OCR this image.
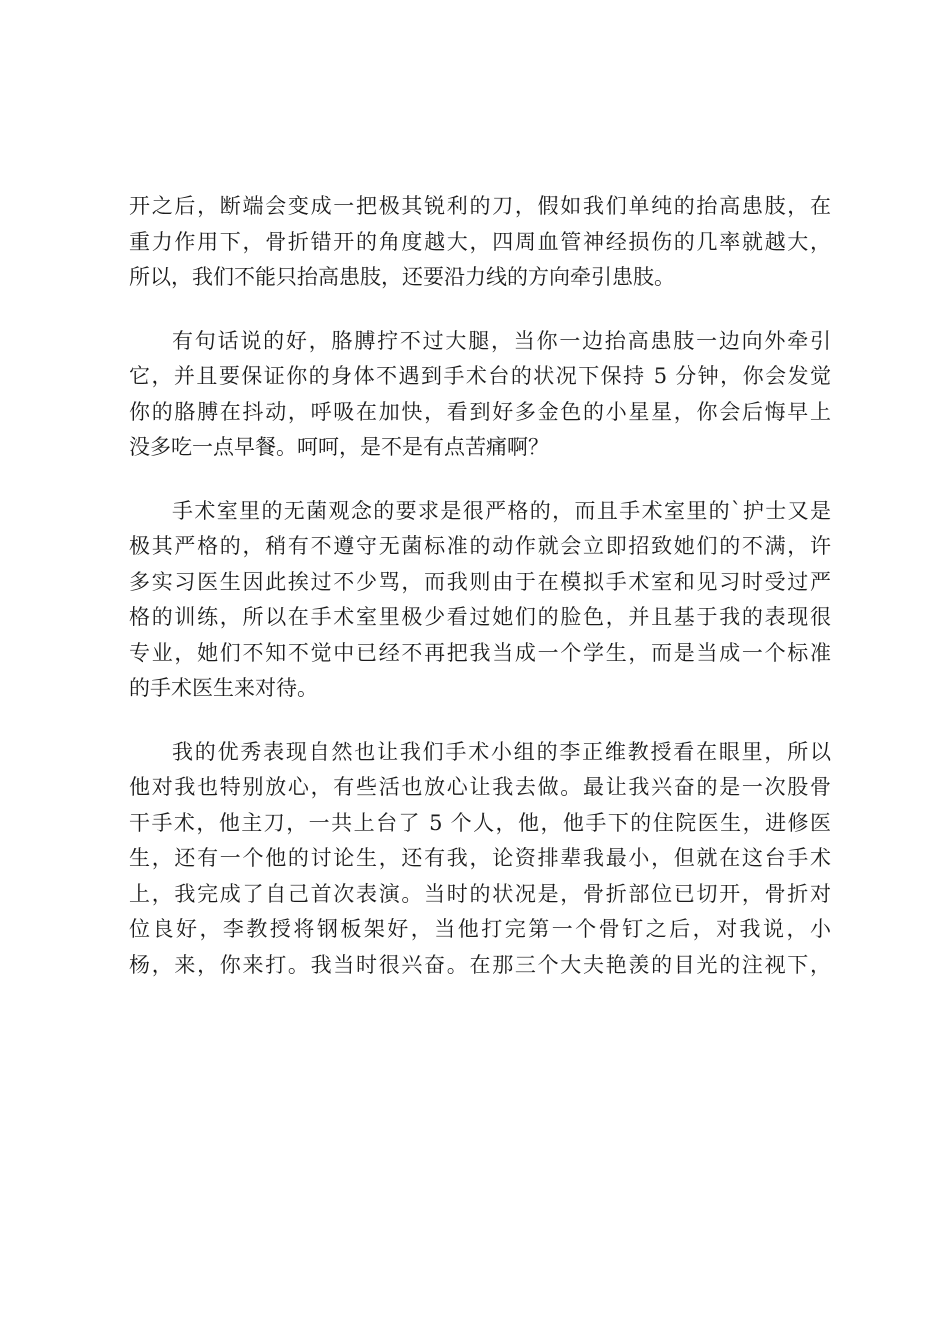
开之后，断端会变成一把极其锐利的刀，假如我们单纯的抬高患肢，在

重力作用下，骨折错开的角度越大，四周血管神经损伤的几率就越大，

所以，我们不能只抬高患肢，还要沿力线的方向牵引患肢。

有句话说的好，胳膊拧不过大腿，当你一边抬高患肢一边向外牵引

它，并且要保证你的身体不遇到手术台的状况下保持 5 分钟，你会发觉

你的胳膊在抖动，呼吸在加快，看到好多金色的小星星，你会后悔早上

没多吃一点早餐。呵呵，是不是有点苦痛啊？

手术室里的无菌观念的要求是很严格的，而且手术室里的`护士又是

极其严格的，稍有不遵守无菌标准的动作就会立即招致她们的不满，许

多实习医生因此挨过不少骂，而我则由于在模拟手术室和见习时受过严

格的训练，所以在手术室里极少看过她们的脸色，并且基于我的表现很

专业，她们不知不觉中已经不再把我当成一个学生，而是当成一个标准

的手术医生来对待。

我的优秀表现自然也让我们手术小组的李正维教授看在眼里，所以

他对我也特别放心，有些活也放心让我去做。最让我兴奋的是一次股骨

干手术，他主刀，一共上台了 5 个人，他，他手下的住院医生，进修医

生，还有一个他的讨论生，还有我，论资排辈我最小，但就在这台手术

上，我完成了自己首次表演。当时的状况是，骨折部位已切开，骨折对

位良好，李教授将钢板架好，当他打完第一个骨钉之后，对我说，小

杨，来，你来打。我当时很兴奋。在那三个大夫艳羡的目光的注视下，
